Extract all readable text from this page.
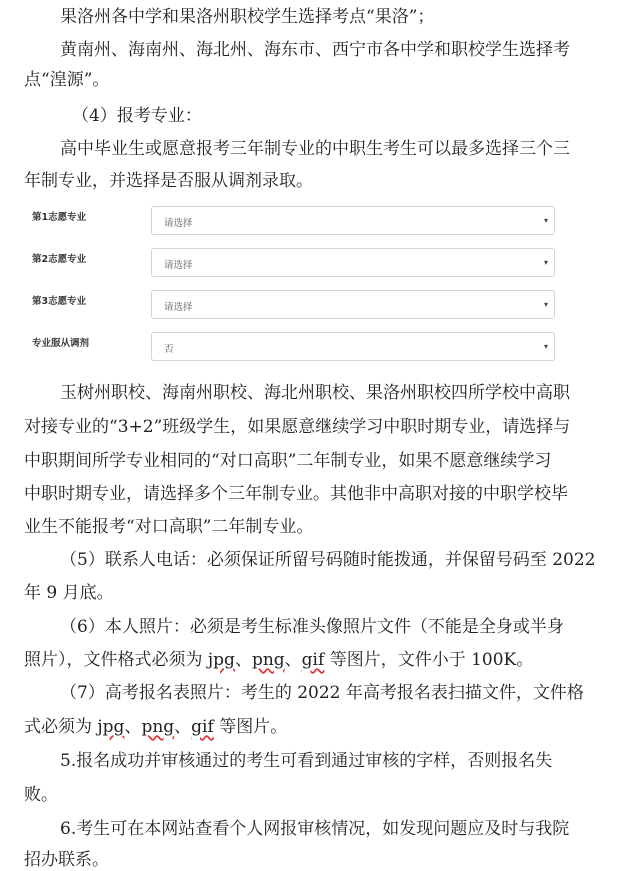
果洛州各中学和果洛州职校学生选择考点“果洛”；
黄南州、海南州、海北州、海东市、西宁市各中学和职校学生选择考
点“湟源”。
（4）报考专业：
高中毕业生或愿意报考三年制专业的中职生考生可以最多选择三个三
年制专业，并选择是否服从调剂录取。
第1志愿专业
请选择	▾
第2志愿专业
请选择	▾
第3志愿专业
请选择	▾
专业服从调剂
否	▾
玉树州职校、海南州职校、海北州职校、果洛州职校四所学校中高职
对接专业的“3+2”班级学生，如果愿意继续学习中职时期专业，请选择与
中职期间所学专业相同的“对口高职”二年制专业，如果不愿意继续学习
中职时期专业，请选择多个三年制专业。其他非中高职对接的中职学校毕
业生不能报考“对口高职”二年制专业。
（5）联系人电话：必须保证所留号码随时能拨通，并保留号码至 2022
年 9 月底。
（6）本人照片：必须是考生标准头像照片文件（不能是全身或半身
照片），文件格式必须为 jpg、png、gif 等图片，文件小于 100K。
（7）高考报名表照片：考生的 2022 年高考报名表扫描文件，文件格
式必须为 jpg、png、gif 等图片。
5.报名成功并审核通过的考生可看到通过审核的字样，否则报名失
败。
6.考生可在本网站查看个人网报审核情况，如发现问题应及时与我院
招办联系。
